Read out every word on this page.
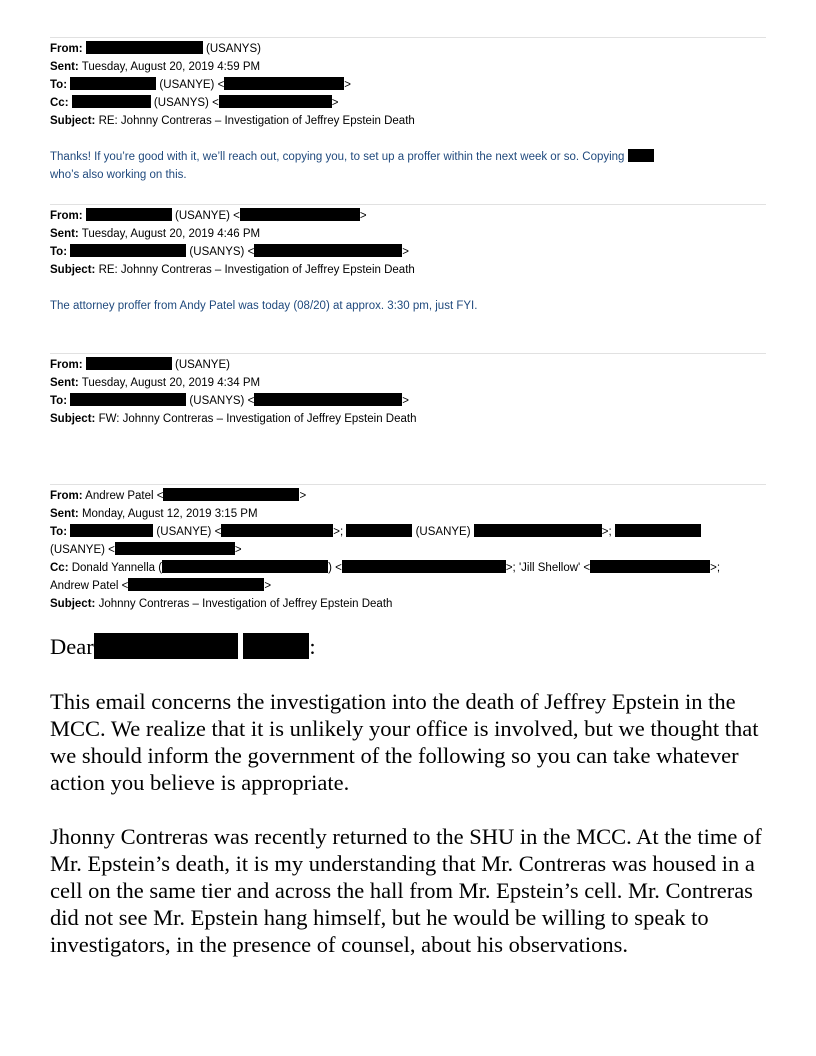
From:	(USANYS)
Sent: Tuesday, August 20, 2019 4:59 PM
To:	(USANYE) <	>
Cc:	(USANYS) <	>
Subject: RE: Johnny Contreras – Investigation of Jeffrey Epstein Death
Thanks! If you’re good with it, we’ll reach out, copying you, to set up a proffer within the next week or so. Copying
who’s also working on this.
From:	(USANYE) <	>
Sent: Tuesday, August 20, 2019 4:46 PM
To:	(USANYS) <	>
Subject: RE: Johnny Contreras – Investigation of Jeffrey Epstein Death
The attorney proffer from Andy Patel was today (08/20) at approx. 3:30 pm, just FYI.
From:	(USANYE)
Sent: Tuesday, August 20, 2019 4:34 PM
To:	(USANYS) <	>
Subject: FW: Johnny Contreras – Investigation of Jeffrey Epstein Death
From: Andrew Patel <	>
Sent: Monday, August 12, 2019 3:15 PM
To:	(USANYE) <	>;	(USANYE)	>;
(USANYE) <	>
Cc: Donald Yannella (	) <	>; 'Jill Shellow' <	>;
Andrew Patel <	>
Subject: Johnny Contreras – Investigation of Jeffrey Epstein Death
Dear	:
This email concerns the investigation into the death of Jeffrey Epstein in the MCC. We realize that it is unlikely your office is involved, but we thought that we should inform the government of the following so you can take whatever action you believe is appropriate.
Jhonny Contreras was recently returned to the SHU in the MCC. At the time of Mr. Epstein’s death, it is my understanding that Mr. Contreras was housed in a cell on the same tier and across the hall from Mr. Epstein’s cell. Mr. Contreras did not see Mr. Epstein hang himself, but he would be willing to speak to investigators, in the presence of counsel, about his observations.
